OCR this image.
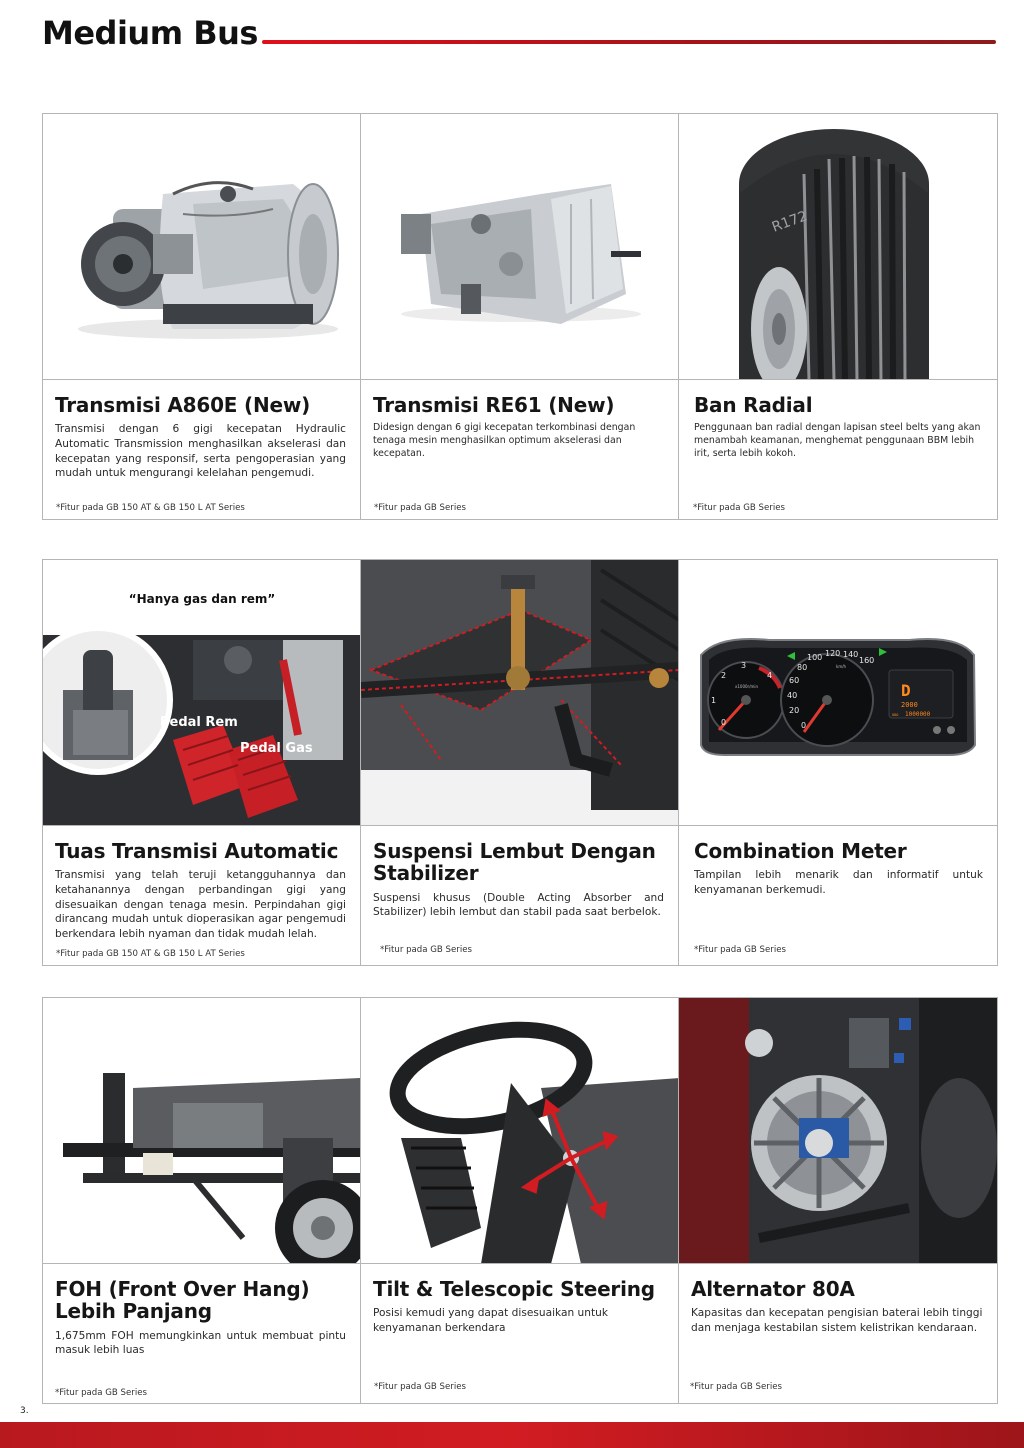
Medium Bus
Transmisi A860E (New)
Transmisi dengan 6 gigi kecepatan Hydraulic Automatic Transmission menghasilkan akselerasi dan kecepatan yang responsif, serta pengoperasian yang mudah untuk mengurangi kelelahan pengemudi.
*Fitur pada GB 150 AT & GB 150 L AT Series
Transmisi RE61 (New)
Didesign dengan 6 gigi kecepatan terkombinasi dengan tenaga mesin menghasilkan optimum akselerasi dan kecepatan.
*Fitur pada GB Series
R172
Ban Radial
Penggunaan ban radial dengan lapisan steel belts yang akan menambah keamanan, menghemat penggunaan BBM lebih irit, serta lebih kokoh.
*Fitur pada GB Series
“Hanya gas dan rem”
Pedal Rem
Pedal Gas
Tuas Transmisi Automatic
Transmisi yang telah teruji ketangguhannya dan ketahanannya dengan perbandingan gigi yang disesuaikan dengan tenaga mesin. Perpindahan gigi dirancang mudah untuk dioperasikan agar pengemudi berkendara lebih nyaman dan tidak mudah lelah.
*Fitur pada GB 150 AT & GB 150 L AT Series
Suspensi Lembut Dengan Stabilizer
Suspensi khusus (Double Acting Absorber and Stabilizer) lebih lembut dan stabil pada saat berbelok.
*Fitur pada GB Series
0
1
2
3
4
0
20
40
60
80
100 120 140
160
x1000r/min
km/h
D
2000
ODO 1000000
Combination Meter
Tampilan lebih menarik dan informatif untuk kenyamanan berkemudi.
*Fitur pada GB Series
FOH (Front Over Hang) Lebih Panjang
1,675mm FOH memungkinkan untuk membuat pintu masuk lebih luas
*Fitur pada GB Series
Tilt & Telescopic Steering
Posisi kemudi yang dapat disesuaikan untuk kenyamanan berkendara
*Fitur pada GB Series
Alternator 80A
Kapasitas dan kecepatan pengisian baterai lebih tinggi dan menjaga kestabilan sistem kelistrikan kendaraan.
*Fitur pada GB Series
3.
